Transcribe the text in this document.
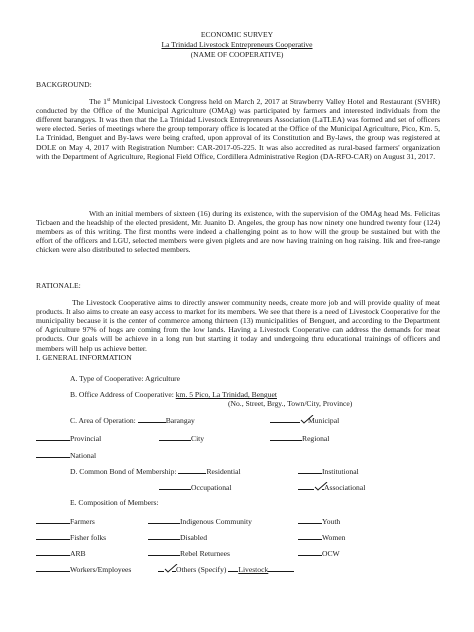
ECONOMIC SURVEY
La Trinidad Livestock Entrepreneurs Cooperative
(NAME OF COOPERATIVE)
BACKGROUND:
The 1st Municipal Livestock Congress held on March 2, 2017 at Strawberry Valley Hotel and Restaurant (SVHR) conducted by the Office of the Municipal Agriculture (OMAg) was participated by farmers and interested individuals from the different barangays. It was then that the La Trinidad Livestock Entrepreneurs Association (LaTLEA) was formed and set of officers were elected. Series of meetings where the group temporary office is located at the Office of the Municipal Agriculture, Pico, Km. 5, La Trinidad, Benguet and By-laws were being crafted, upon approval of its Constitution and By-laws, the group was registered at DOLE on May 4, 2017 with Registration Number: CAR-2017-05-225. It was also accredited as rural-based farmers' organization with the Department of Agriculture, Regional Field Office, Cordillera Administrative Region (DA-RFO-CAR) on August 31, 2017.
With an initial members of sixteen (16) during its existence, with the supervision of the OMAg head Ms. Felicitas Ticbaen and the headship of the elected president, Mr. Juanito D. Angeles, the group has now ninety one hundred twenty four (124) members as of this writing. The first months were indeed a challenging point as to how will the group be sustained but with the effort of the officers and LGU, selected members were given piglets and are now having training on hog raising. Itik and free-range chicken were also distributed to selected members.
RATIONALE:
The Livestock Cooperative aims to directly answer community needs, create more job and will provide quality of meat products. It also aims to create an easy access to market for its members. We see that there is a need of Livestock Cooperative for the municipality because it is the center of commerce among thirteen (13) municipalities of Benguet, and according to the Department of Agriculture 97% of hogs are coming from the low lands. Having a Livestock Cooperative can address the demands for meat products. Our goals will be achieve in a long run but starting it today and undergoing thru educational trainings of officers and members will help us achieve better.
I. GENERAL INFORMATION
A. Type of Cooperative: Agriculture
B. Office Address of Cooperative: km. 5 Pico, La Trinidad, Benguet
(No., Street, Brgy., Town/City, Province)
C. Area of Operation:	Barangay	Municipal
Provincial	City	Regional
National
D. Common Bond of Membership:	Residential	Institutional
Occupational	Associational
E. Composition of Members:
Farmers	Indigenous Community	Youth
Fisher folks	Disabled	Women
ARB	Rebel Returnees	OCW
Workers/Employees	Others (Specify) Livestock
